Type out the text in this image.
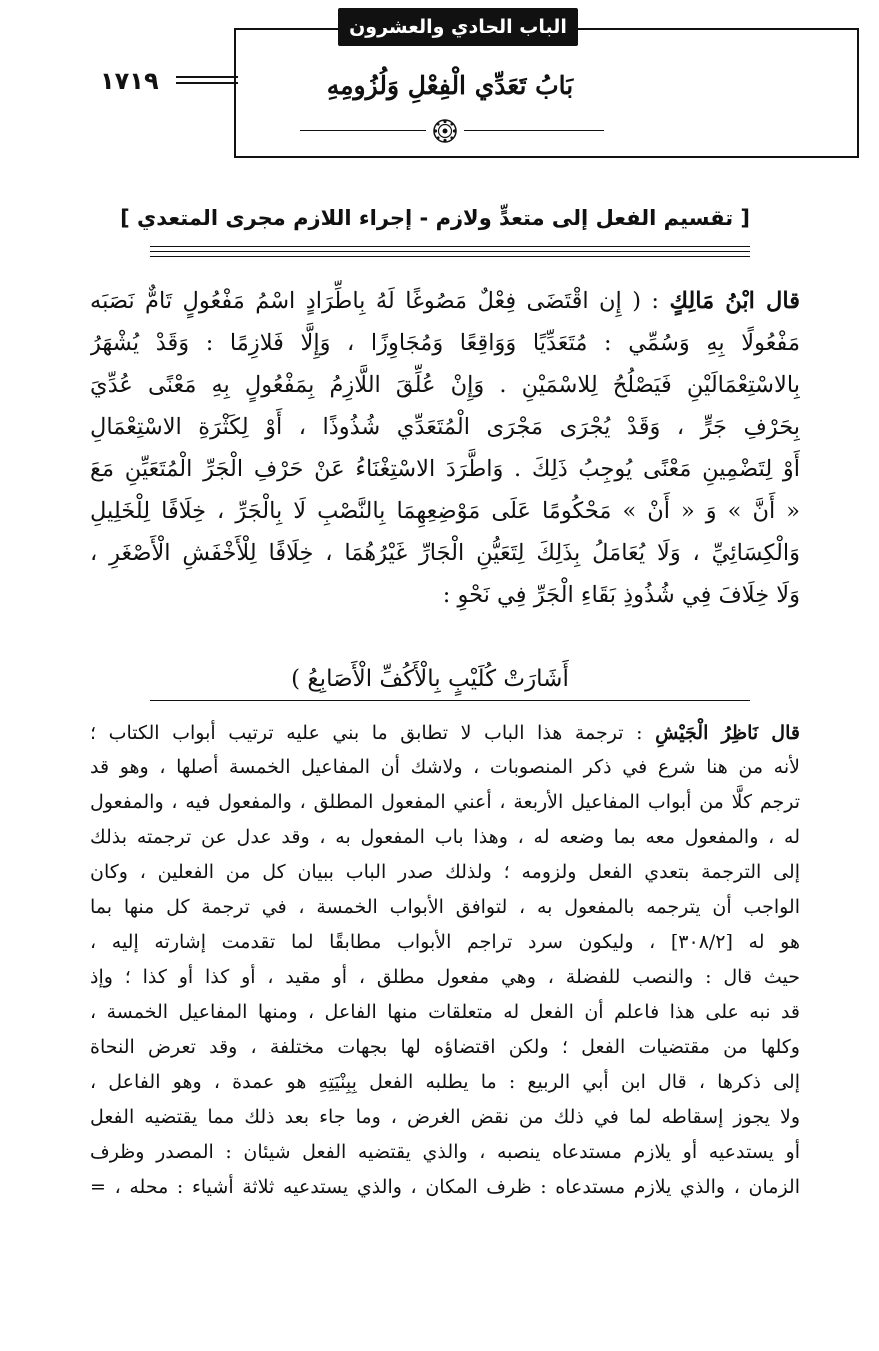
الباب الحادي والعشرون
بَابُ تَعَدِّي الْفِعْلِ وَلُزُومِهِ
١٧١٩
[ تقسيم الفعل إلى متعدٍّ ولازم - إجراء اللازم مجرى المتعدي ]
قال ابْنُ مَالِكٍ : ( إِن اقْتَضَى فِعْلٌ مَصُوغًا لَهُ بِاطِّرَادٍ اسْمُ مَفْعُولٍ تَامٌّ نَصَبَه
مَفْعُولًا بِهِ وَسُمِّي : مُتَعَدِّيًا وَوَاقِعًا وَمُجَاوِزًا ، وَإِلَّا فَلازِمًا : وَقَدْ يُشْهَرُ
بِالاسْتِعْمَالَيْنِ فَيَصْلُحُ لِلاسْمَيْنِ . وَإِنْ عُلِّقَ اللَّازِمُ بِمَفْعُولٍ بِهِ مَعْنًى عُدِّيَ
بِحَرْفِ جَرٍّ ، وَقَدْ يُجْرَى مَجْرَى الْمُتَعَدِّي شُذُوذًا ، أَوْ لِكَثْرَةِ الاسْتِعْمَالِ
أَوْ لِتَضْمِينِ مَعْنًى يُوجِبُ ذَلِكَ . وَاطَّرَدَ الاسْتِغْنَاءُ عَنْ حَرْفِ الْجَرِّ الْمُتَعَيِّنِ مَعَ
« أَنَّ » وَ « أَنْ » مَحْكُومًا عَلَى مَوْضِعِهِمَا بِالنَّصْبِ لَا بِالْجَرِّ ، خِلَافًا لِلْخَلِيلِ
وَالْكِسَائِيِّ ، وَلَا يُعَامَلُ بِذَلِكَ لِتَعَيُّنِ الْجَارِّ غَيْرُهُمَا ، خِلَافًا لِلْأَخْفَشِ الْأَصْغَرِ ،
وَلَا خِلَافَ فِي شُذُوذِ بَقَاءِ الْجَرِّ فِي نَحْوِ :
أَشَارَتْ كُلَيْبٍ بِالْأَكُفِّ الْأَصَابِعُ )
قال نَاظِرُ الْجَيْشِ : ترجمة هذا الباب لا تطابق ما بني عليه ترتيب أبواب الكتاب ؛
لأنه من هنا شرع في ذكر المنصوبات ، ولاشك أن المفاعيل الخمسة أصلها ، وهو قد
ترجم كلًّا من أبواب المفاعيل الأربعة ، أعني المفعول المطلق ، والمفعول فيه ، والمفعول
له ، والمفعول معه بما وضعه له ، وهذا باب المفعول به ، وقد عدل عن ترجمته بذلك
إلى الترجمة بتعدي الفعل ولزومه ؛ ولذلك صدر الباب ببيان كل من الفعلين ، وكان
الواجب أن يترجمه بالمفعول به ، لتوافق الأبواب الخمسة ، في ترجمة كل منها بما
هو له [٣٠٨/٢] ، وليكون سرد تراجم الأبواب مطابقًا لما تقدمت إشارته إليه ،
حيث قال : والنصب للفضلة ، وهي مفعول مطلق ، أو مقيد ، أو كذا أو كذا ؛ وإذ
قد نبه على هذا فاعلم أن الفعل له متعلقات منها الفاعل ، ومنها المفاعيل الخمسة ،
وكلها من مقتضيات الفعل ؛ ولكن اقتضاؤه لها بجهات مختلفة ، وقد تعرض النحاة
إلى ذكرها ، قال ابن أبي الربيع : ما يطلبه الفعل بِبِنْيَتِهِ هو عمدة ، وهو الفاعل ،
ولا يجوز إسقاطه لما في ذلك من نقض الغرض ، وما جاء بعد ذلك مما يقتضيه الفعل
أو يستدعيه أو يلازم مستدعاه ينصبه ، والذي يقتضيه الفعل شيئان : المصدر وظرف
الزمان ، والذي يلازم مستدعاه : ظرف المكان ، والذي يستدعيه ثلاثة أشياء : محله ، =
